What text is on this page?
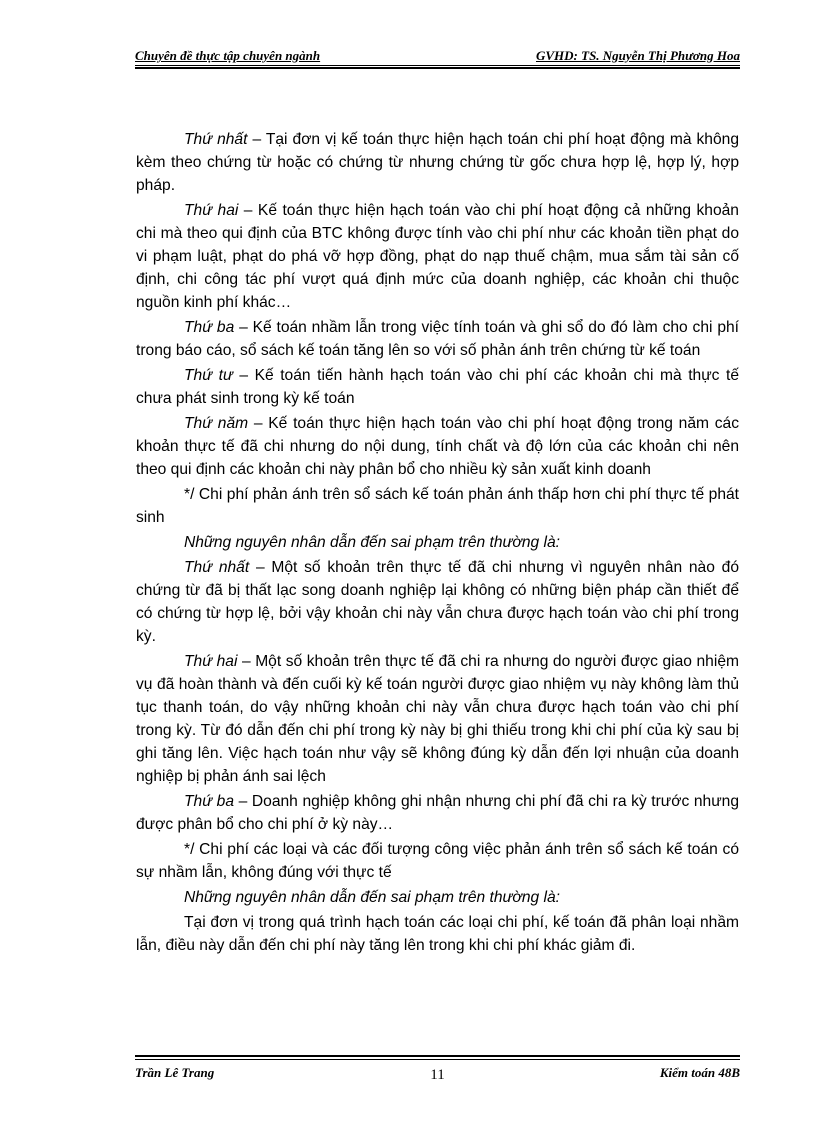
Chuyên đề thực tập chuyên ngành	GVHD: TS. Nguyễn Thị Phương Hoa

Thứ nhất – Tại đơn vị kế toán thực hiện hạch toán chi phí hoạt động mà không kèm theo chứng từ hoặc có chứng từ nhưng chứng từ gốc chưa hợp lệ, hợp lý, hợp pháp.

Thứ hai – Kế toán thực hiện hạch toán vào chi phí hoạt động cả những khoản chi mà theo qui định của BTC không được tính vào chi phí như các khoản tiền phạt do vi phạm luật, phạt do phá vỡ hợp đồng, phạt do nạp thuế chậm, mua sắm tài sản cố định, chi công tác phí vượt quá định mức của doanh nghiệp, các khoản chi thuộc nguồn kinh phí khác…

Thứ ba – Kế toán nhầm lẫn trong việc tính toán và ghi sổ do đó làm cho chi phí trong báo cáo, sổ sách kế toán tăng lên so với số phản ánh trên chứng từ kế toán

Thứ tư – Kế toán tiến hành hạch toán vào chi phí các khoản chi mà thực tế chưa phát sinh trong kỳ kế toán

Thứ năm – Kế toán thực hiện hạch toán vào chi phí hoạt động trong năm các khoản thực tế đã chi nhưng do nội dung, tính chất và độ lớn của các khoản chi nên theo qui định các khoản chi này phân bổ cho nhiều kỳ sản xuất kinh doanh

*/ Chi phí phản ánh trên sổ sách kế toán phản ánh thấp hơn chi phí thực tế phát sinh

Những nguyên nhân dẫn đến sai phạm trên thường là:

Thứ nhất – Một số khoản trên thực tế đã chi nhưng vì nguyên nhân nào đó chứng từ đã bị thất lạc song doanh nghiệp lại không có những biện pháp cần thiết để có chứng từ hợp lệ, bởi vậy khoản chi này vẫn chưa được hạch toán vào chi phí trong kỳ.

Thứ hai – Một số khoản trên thực tế đã chi ra nhưng do người được giao nhiệm vụ đã hoàn thành và đến cuối kỳ kế toán người được giao nhiệm vụ này không làm thủ tục thanh toán, do vậy những khoản chi này vẫn chưa được hạch toán vào chi phí trong kỳ. Từ đó dẫn đến chi phí trong kỳ này bị ghi thiếu trong khi chi phí của kỳ sau bị ghi tăng lên. Việc hạch toán như vậy sẽ không đúng kỳ dẫn đến lợi nhuận của doanh nghiệp bị phản ánh sai lệch

Thứ ba – Doanh nghiệp không ghi nhận nhưng chi phí đã chi ra kỳ trước nhưng được phân bổ cho chi phí ở kỳ này…

*/ Chi phí các loại và các đối tượng công việc phản ánh trên sổ sách kế toán có sự nhầm lẫn, không đúng với thực tế

Những nguyên nhân dẫn đến sai phạm trên thường là:

Tại đơn vị trong quá trình hạch toán các loại chi phí, kế toán đã phân loại nhầm lẫn, điều này dẫn đến chi phí này tăng lên trong khi chi phí khác giảm đi.

Trần Lê Trang	11	Kiểm toán 48B
